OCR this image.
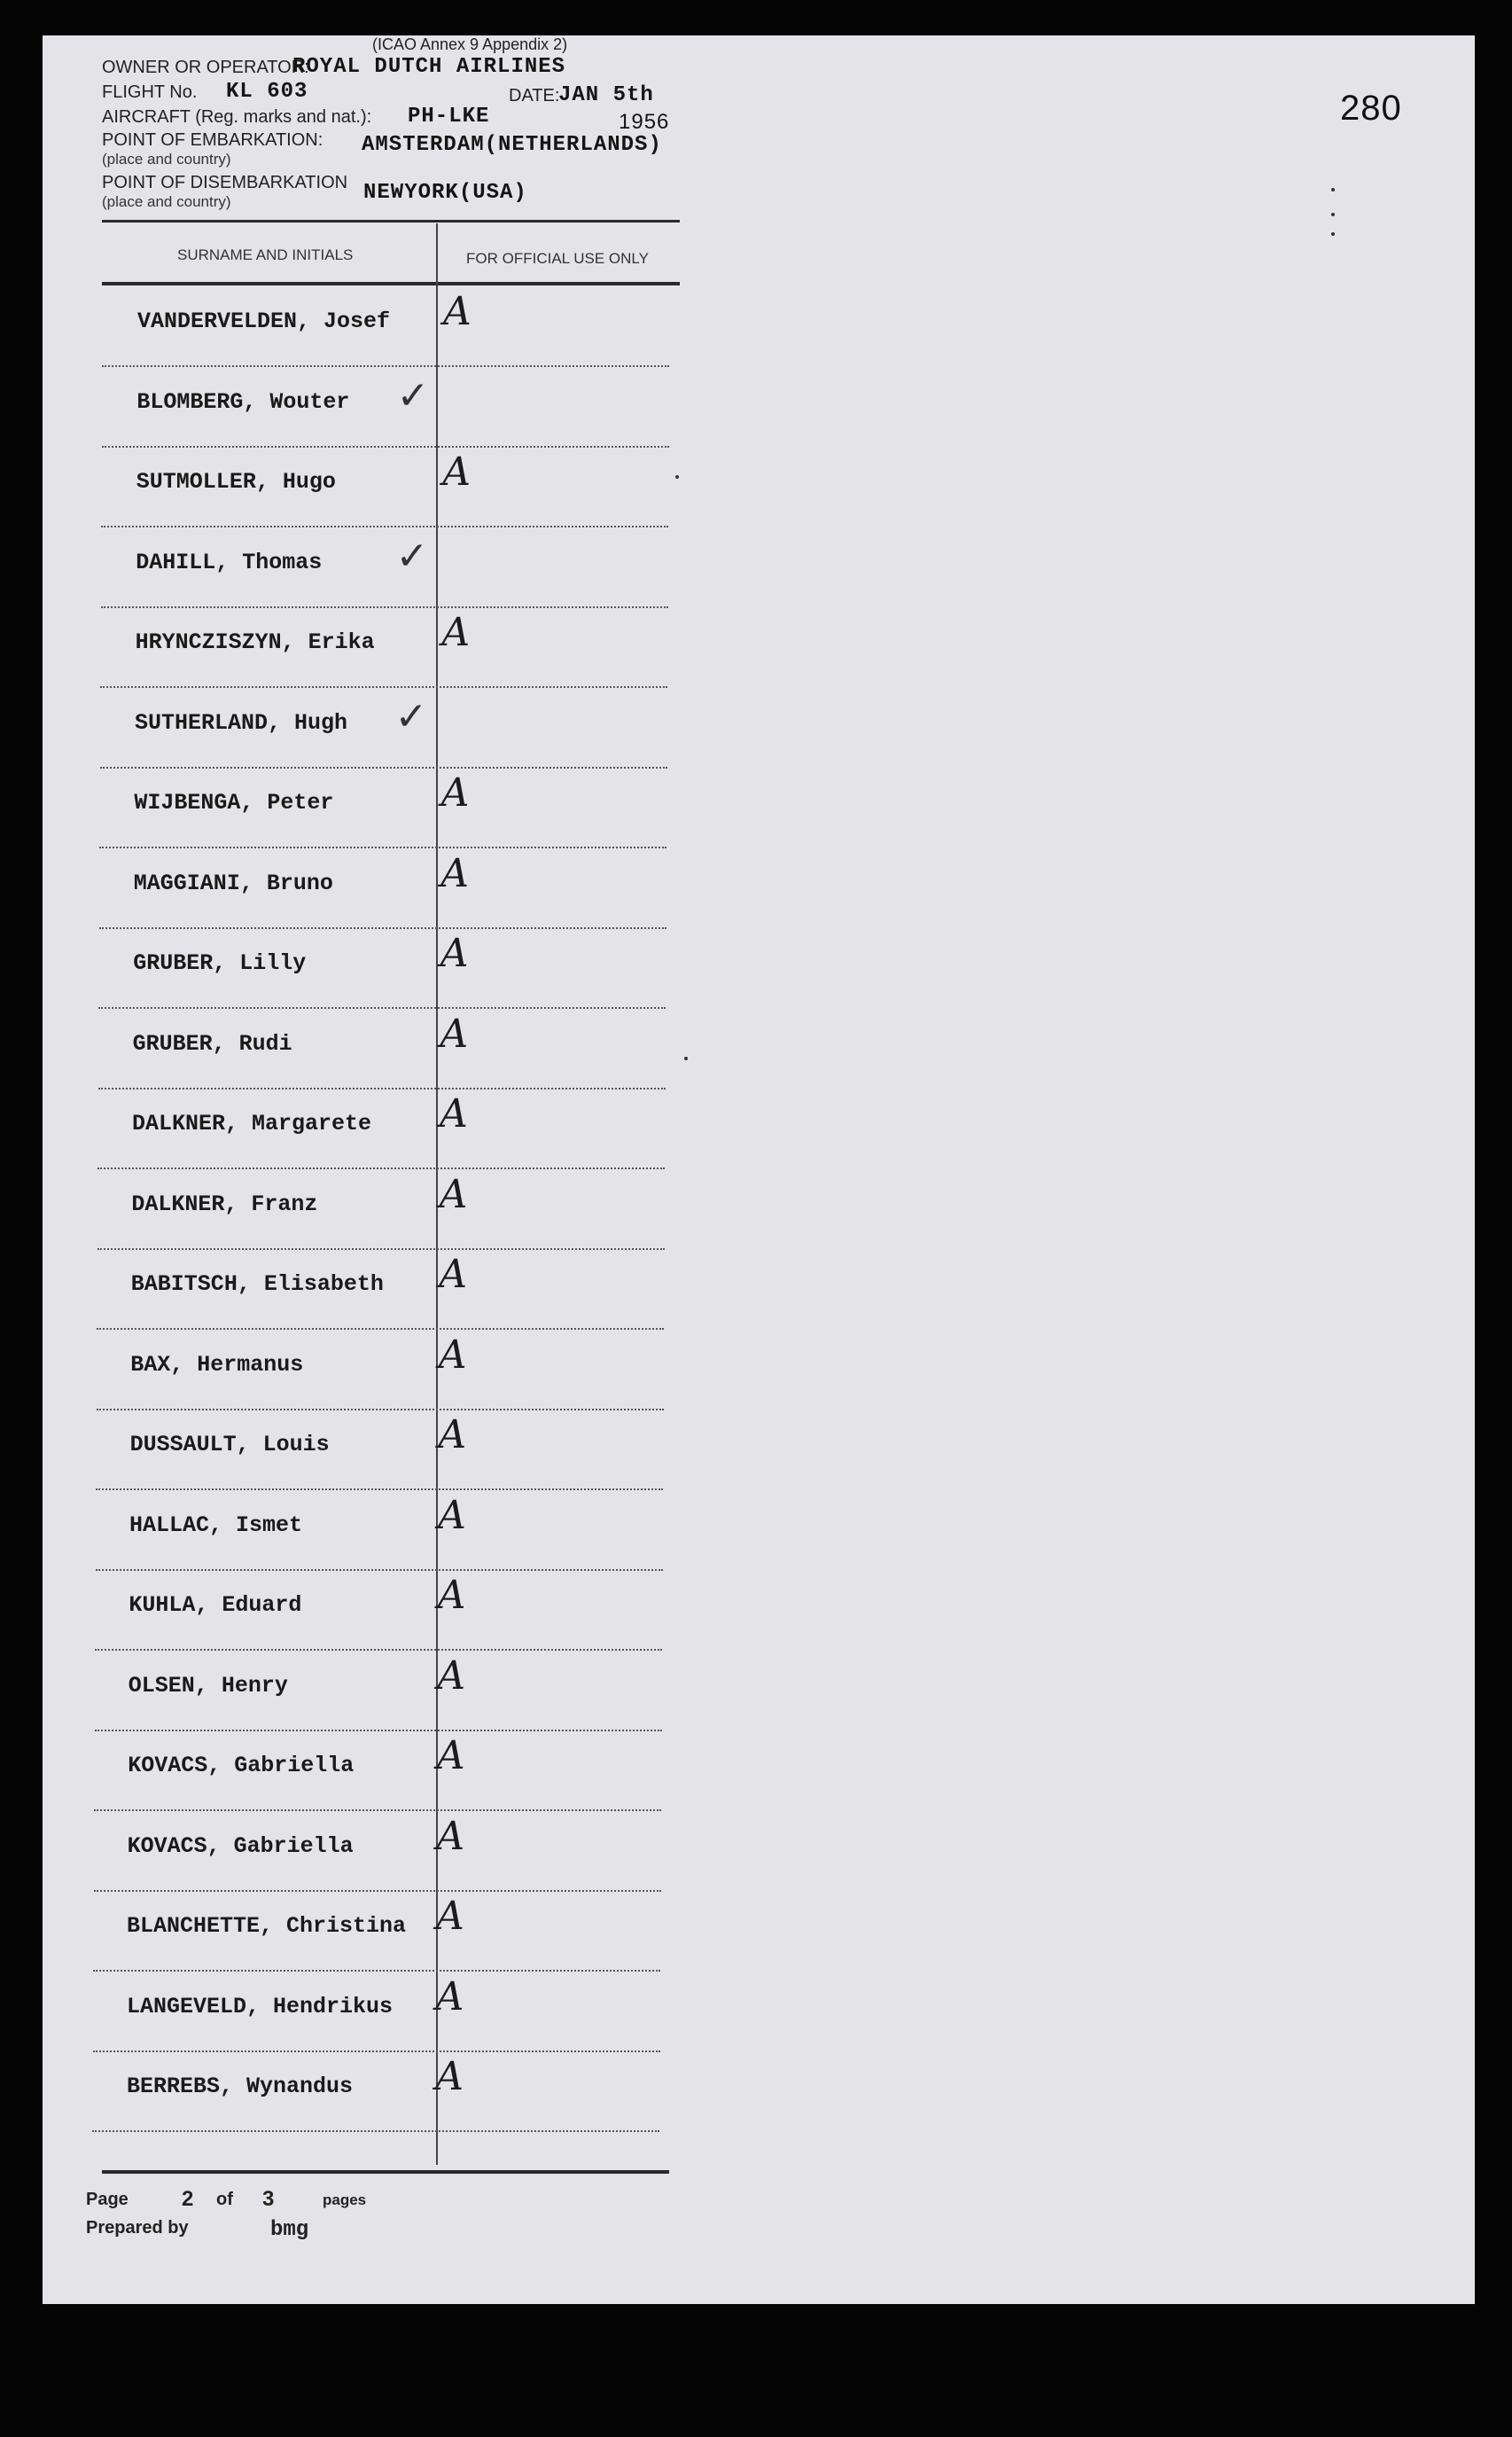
(ICAO Annex 9 Appendix 2)
280
OWNER OR OPERATOR:
ROYAL DUTCH AIRLINES
FLIGHT No. KL 603	DATE:
JAN 5th
1956
AIRCRAFT (Reg. marks and nat.): PH-LKE
POINT OF EMBARKATION: AMSTERDAM(NETHERLANDS)
(place and country)
POINT OF DISEMBARKATION NEWYORK(USA)
(place and country)
SURNAME AND INITIALS	FOR OFFICIAL USE ONLY
VANDERVELDEN, Josef A
BLOMBERG, Wouter ✓
SUTMOLLER, Hugo	A
DAHILL, Thomas ✓
HRYNCZISZYN, Erika A
SUTHERLAND, Hugh ✓
WIJBENGA, Peter	A
MAGGIANI, Bruno	A
GRUBER, Lilly	A
GRUBER, Rudi	A
DALKNER, Margarete A
DALKNER, Franz	A
BABITSCH, Elisabeth A
BAX, Hermanus	A
DUSSAULT, Louis	A
HALLAC, Ismet	A
KUHLA, Eduard	A
OLSEN, Henry	A
KOVACS, Gabriella A
KOVACS, Gabriella A
BLANCHETTE, Christina A
LANGEVELD, Hendrikus A
BERREBS, Wynandus A
Page	2 of 3	pages
Prepared by	bmg
